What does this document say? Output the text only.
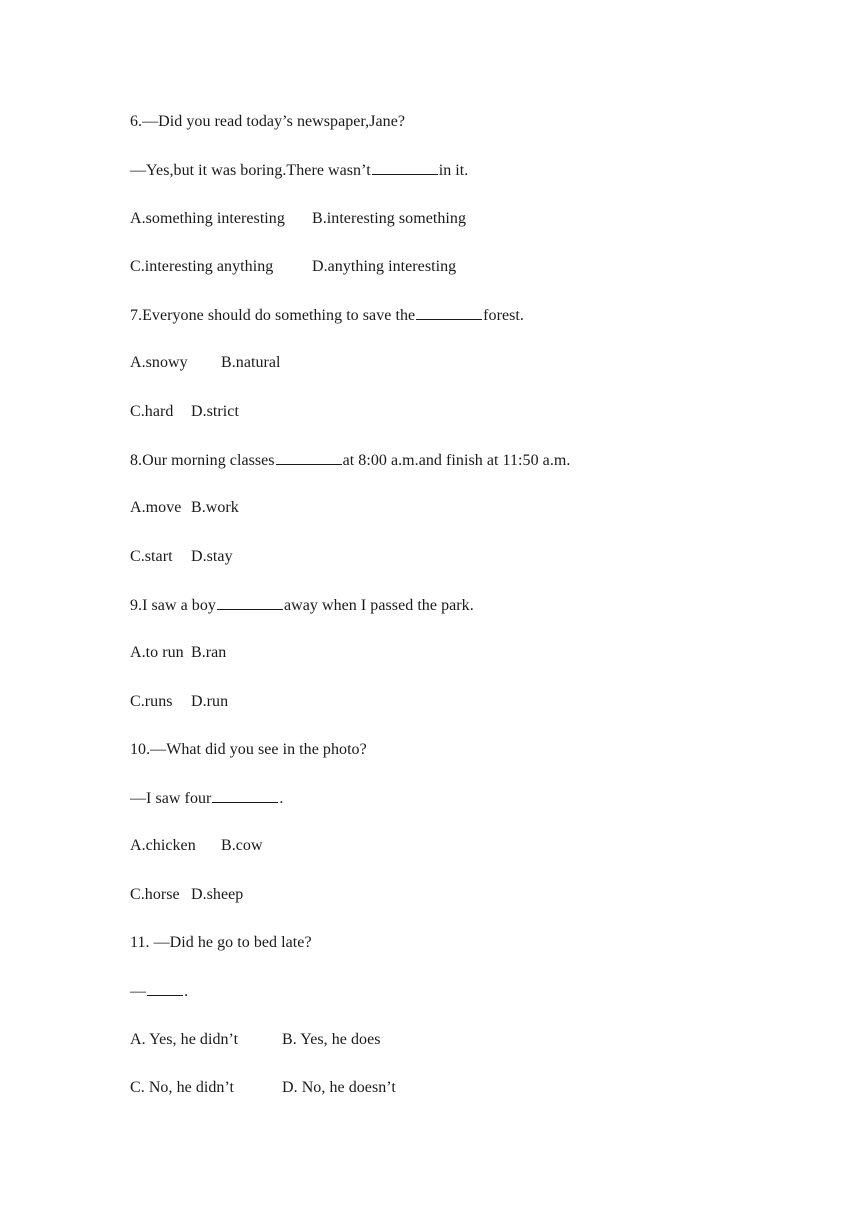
6.—Did you read today’s newspaper,Jane?
—Yes,but it was boring.There wasn’t	in it.
A.something interesting B.interesting something
C.interesting anything D.anything interesting
7.Everyone should do something to save the	forest.
A.snowy B.natural
C.hard D.strict
8.Our morning classes	at 8:00 a.m.and finish at 11:50 a.m.
A.move B.work
C.start D.stay
9.I saw a boy	away when I passed the park.
A.to run B.ran
C.runs D.run
10.—What did you see in the photo?
—I saw four	.
A.chicken B.cow
C.horse D.sheep
11. —Did he go to bed late?
— .
A. Yes, he didn’t	B. Yes, he does
C. No, he didn’t	D. No, he doesn’t
